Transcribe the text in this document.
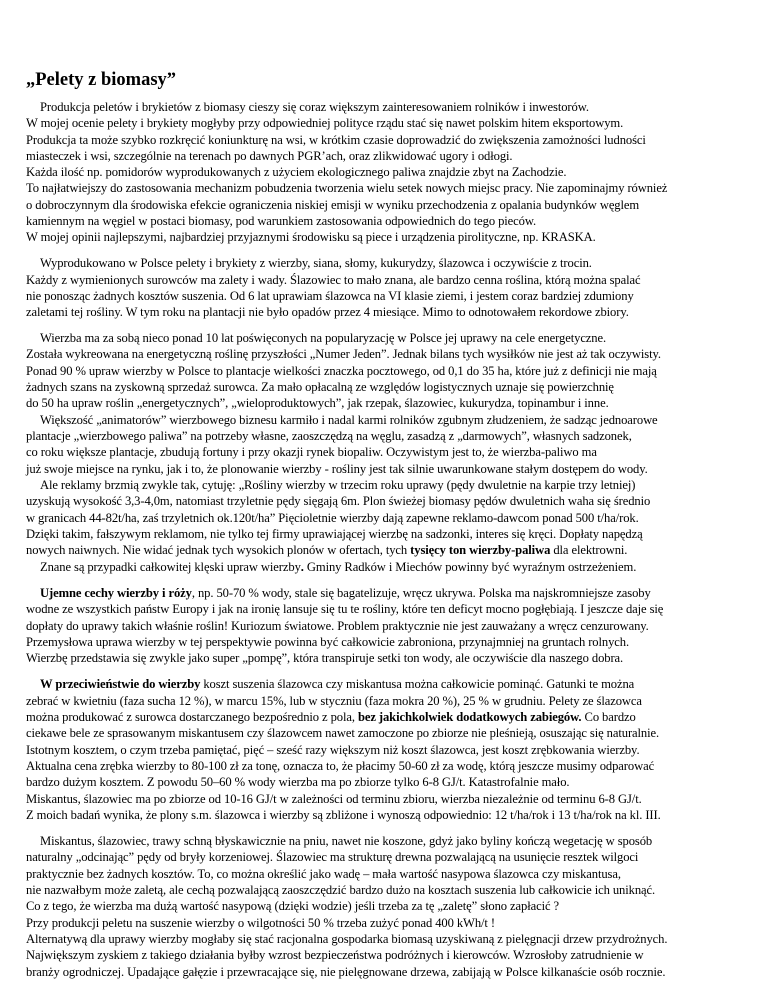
„Pelety z biomasy”
Produkcja peletów i brykietów z biomasy cieszy się coraz większym zainteresowaniem rolników i inwestorów.
W mojej ocenie pelety i brykiety mogłyby przy odpowiedniej polityce rządu stać się nawet polskim hitem eksportowym.
Produkcja ta może szybko rozkręcić koniunkturę na wsi, w krótkim czasie doprowadzić do zwiększenia zamożności ludności
miasteczek i wsi, szczególnie na terenach po dawnych PGR’ach, oraz zlikwidować ugory i odłogi.
Każda ilość np. pomidorów wyprodukowanych z użyciem ekologicznego paliwa znajdzie zbyt na Zachodzie.
To najłatwiejszy do zastosowania mechanizm pobudzenia tworzenia wielu setek nowych miejsc pracy. Nie zapominajmy również
o dobroczynnym dla środowiska efekcie ograniczenia niskiej emisji w wyniku przechodzenia z opalania budynków węglem
kamiennym na węgiel w postaci biomasy, pod warunkiem zastosowania odpowiednich do tego pieców.
W mojej opinii najlepszymi, najbardziej przyjaznymi środowisku są piece i urządzenia pirolityczne, np. KRASKA.
Wyprodukowano w Polsce pelety i brykiety z wierzby, siana, słomy, kukurydzy, ślazowca i oczywiście z trocin.
Każdy z wymienionych surowców ma zalety i wady. Ślazowiec to mało znana, ale bardzo cenna roślina, którą można spalać
nie ponosząc żadnych kosztów suszenia. Od 6 lat uprawiam ślazowca na VI klasie ziemi, i jestem coraz bardziej zdumiony
zaletami tej rośliny. W tym roku na plantacji nie było opadów przez 4 miesiące. Mimo to odnotowałem rekordowe zbiory.
Wierzba ma za sobą nieco ponad 10 lat poświęconych na popularyzację w Polsce jej uprawy na cele energetyczne.
Została wykreowana na energetyczną roślinę przyszłości „Numer Jeden”. Jednak bilans tych wysiłków nie jest aż tak oczywisty.
Ponad 90 % upraw wierzby w Polsce to plantacje wielkości znaczka pocztowego, od 0,1 do 35 ha, które już z definicji nie mają
żadnych szans na zyskowną sprzedaż surowca. Za mało opłacalną ze względów logistycznych uznaje się powierzchnię
do 50 ha upraw roślin „energetycznych”, „wieloproduktowych”, jak rzepak, ślazowiec, kukurydza, topinambur i inne.
Większość „animatorów” wierzbowego biznesu karmiło i nadal karmi rolników zgubnym złudzeniem, że sadząc jednoarowe
plantacje „wierzbowego paliwa” na potrzeby własne, zaoszczędzą na węglu, zasadzą z „darmowych”, własnych sadzonek,
co roku większe plantacje, zbudują fortuny i przy okazji rynek biopaliw. Oczywistym jest to, że wierzba-paliwo ma
już swoje miejsce na rynku, jak i to, że plonowanie wierzby - rośliny jest tak silnie uwarunkowane stałym dostępem do wody.
Ale reklamy brzmią zwykle tak, cytuję: „Rośliny wierzby w trzecim roku uprawy (pędy dwuletnie na karpie trzy letniej)
uzyskują wysokość 3,3-4,0m, natomiast trzyletnie pędy sięgają 6m. Plon świeżej biomasy pędów dwuletnich waha się średnio
w granicach 44-82t/ha, zaś trzyletnich ok.120t/ha” Pięcioletnie wierzby dają zapewne reklamo-dawcom ponad 500 t/ha/rok.
Dzięki takim, fałszywym reklamom, nie tylko tej firmy uprawiającej wierzbę na sadzonki, interes się kręci. Dopłaty napędzą
nowych naiwnych. Nie widać jednak tych wysokich plonów w ofertach, tych tysięcy ton wierzby-paliwa dla elektrowni.
Znane są przypadki całkowitej klęski upraw wierzby. Gminy Radków i Miechów powinny być wyraźnym ostrzeżeniem.
Ujemne cechy wierzby i róży, np. 50-70 % wody, stale się bagatelizuje, wręcz ukrywa. Polska ma najskromniejsze zasoby
wodne ze wszystkich państw Europy i jak na ironię lansuje się tu te rośliny, które ten deficyt mocno pogłębiają. I jeszcze daje się
dopłaty do uprawy takich właśnie roślin! Kuriozum światowe. Problem praktycznie nie jest zauważany a wręcz cenzurowany.
Przemysłowa uprawa wierzby w tej perspektywie powinna być całkowicie zabroniona, przynajmniej na gruntach rolnych.
Wierzbę przedstawia się zwykle jako super „pompę”, która transpiruje setki ton wody, ale oczywiście dla naszego dobra.
W przeciwieństwie do wierzby koszt suszenia ślazowca czy miskantusa można całkowicie pominąć. Gatunki te można
zebrać w kwietniu (faza sucha 12 %), w marcu 15%, lub w styczniu (faza mokra 20 %), 25 % w grudniu. Pelety ze ślazowca
można produkować z surowca dostarczanego bezpośrednio z pola, bez jakichkolwiek dodatkowych zabiegów. Co bardzo
ciekawe bele ze sprasowanym miskantusem czy ślazowcem nawet zamoczone po zbiorze nie pleśnieją, osuszając się naturalnie.
Istotnym kosztem, o czym trzeba pamiętać, pięć – sześć razy większym niż koszt ślazowca, jest koszt zrębkowania wierzby.
Aktualna cena zrębka wierzby to 80-100 zł za tonę, oznacza to, że płacimy 50-60 zł za wodę, którą jeszcze musimy odparować
bardzo dużym kosztem. Z powodu 50–60 % wody wierzba ma po zbiorze tylko 6-8 GJ/t. Katastrofalnie mało.
Miskantus, ślazowiec ma po zbiorze od 10-16 GJ/t w zależności od terminu zbioru, wierzba niezależnie od terminu 6-8 GJ/t.
Z moich badań wynika, że plony s.m. ślazowca i wierzby są zbliżone i wynoszą odpowiednio: 12 t/ha/rok i 13 t/ha/rok na kl. III.
Miskantus, ślazowiec, trawy schną błyskawicznie na pniu, nawet nie koszone, gdyż jako byliny kończą wegetację w sposób
naturalny „odcinając” pędy od bryły korzeniowej. Ślazowiec ma strukturę drewna pozwalającą na usunięcie resztek wilgoci
praktycznie bez żadnych kosztów. To, co można określić jako wadę – mała wartość nasypowa ślazowca czy miskantusa,
nie nazwałbym może zaletą, ale cechą pozwalającą zaoszczędzić bardzo dużo na kosztach suszenia lub całkowicie ich uniknąć.
Co z tego, że wierzba ma dużą wartość nasypową (dzięki wodzie) jeśli trzeba za tę „zaletę” słono zapłacić ?
Przy produkcji peletu na suszenie wierzby o wilgotności 50 % trzeba zużyć ponad 400 kWh/t !
Alternatywą dla uprawy wierzby mogłaby się stać racjonalna gospodarka biomasą uzyskiwaną z pielęgnacji drzew przydrożnych.
Największym zyskiem z takiego działania byłby wzrost bezpieczeństwa podróżnych i kierowców. Wzrosłoby zatrudnienie w
branży ogrodniczej. Upadające gałęzie i przewracające się, nie pielęgnowane drzewa, zabijają w Polsce kilkanaście osób rocznie.
